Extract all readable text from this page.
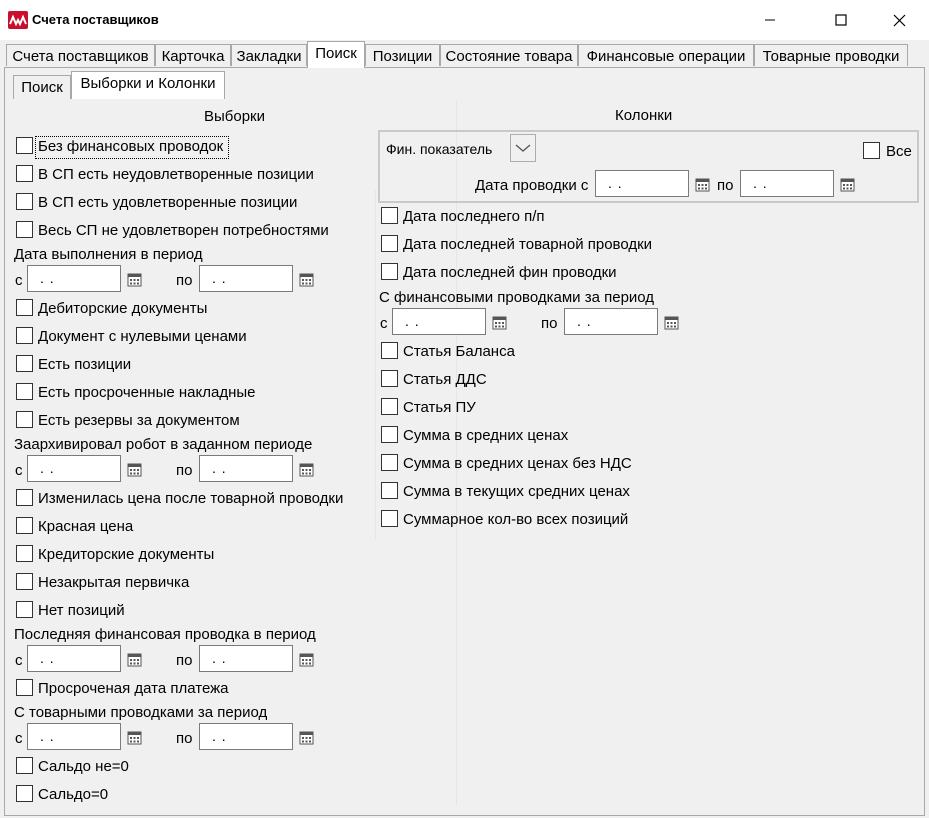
Счета поставщиков
Счета поставщиков Карточка Закладки Поиск	Позиции Состояние товара Финансовые операции	Товарные проводки
Поиск	Выборки и Колонки
Выборки
Без финансовых проводок
В СП есть неудовлетворенные позиции
В СП есть удовлетворенные позиции
Весь СП не удовлетворен потребностями
Дата выполнения в период
с	. .	по	. .
Дебиторские документы
Документ с нулевыми ценами
Есть позиции
Есть просроченные накладные
Есть резервы за документом
Заархивировал робот в заданном периоде
с	. .	по	. .
Изменилась цена после товарной проводки
Красная цена
Кредиторские документы
Незакрытая первичка
Нет позиций
Последняя финансовая проводка в период
с	. .	по	. .
Просроченая дата платежа
С товарными проводками за период
с	. .	по	. .
Сальдо не=0
Сальдо=0
Колонки
Фин. показатель	Все
Дата проводки с	. .	по	. .
Дата последнего п/п
Дата последней товарной проводки
Дата последней фин проводки
С финансовыми проводками за период
с	. .	по	. .
Статья Баланса
Статья ДДС
Статья ПУ
Сумма в средних ценах
Сумма в средних ценах без НДС
Сумма в текущих средних ценах
Суммарное кол-во всех позиций
